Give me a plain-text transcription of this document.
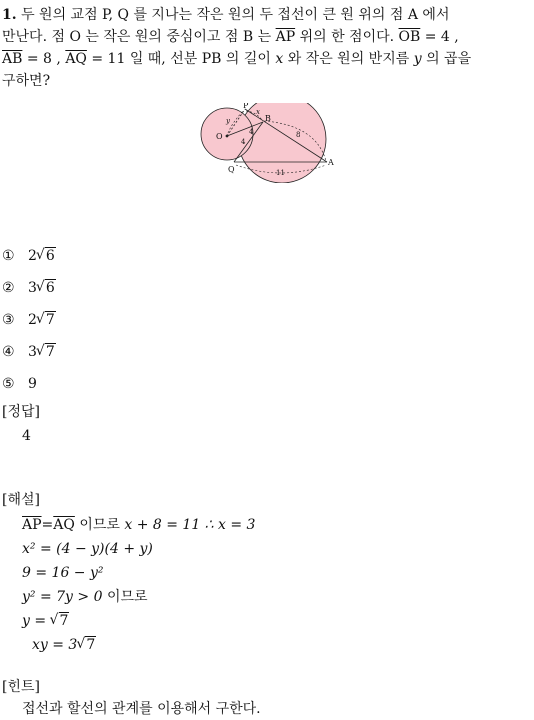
1. 두 원의 교점 P, Q 를 지나는 작은 원의 두 접선이 큰 원 위의 점 A 에서
만난다. 점 O 는 작은 원의 중심이고 점 B 는 $\overline{AP}$ 위의 한 점이다. $\overline{OB} = 4$ ,
$\overline{AB} = 8$ , $\overline{AQ} = 11$ 일 때, 선분 PB 의 길이 x 와 작은 원의 반지름 y 의 곱을
구하면?
P
Q
O
B
A
y
x
4
4
8
11
① 2 √ 6
② 3 √ 6
③ 2 √ 7
④ 3 √ 7
⑤ 9
[정답]
4
[해설]
$\overline{AP}=\overline{AQ}$ 이므로 x + 8 = 11 ∴ x = 3
x² = (4 − y)(4 + y)
9 = 16 − y²
y² = 7y > 0 이므로
y = √ 7
xy = 3 √ 7
[힌트]
접선과 할선의 관계를 이용해서 구한다.
